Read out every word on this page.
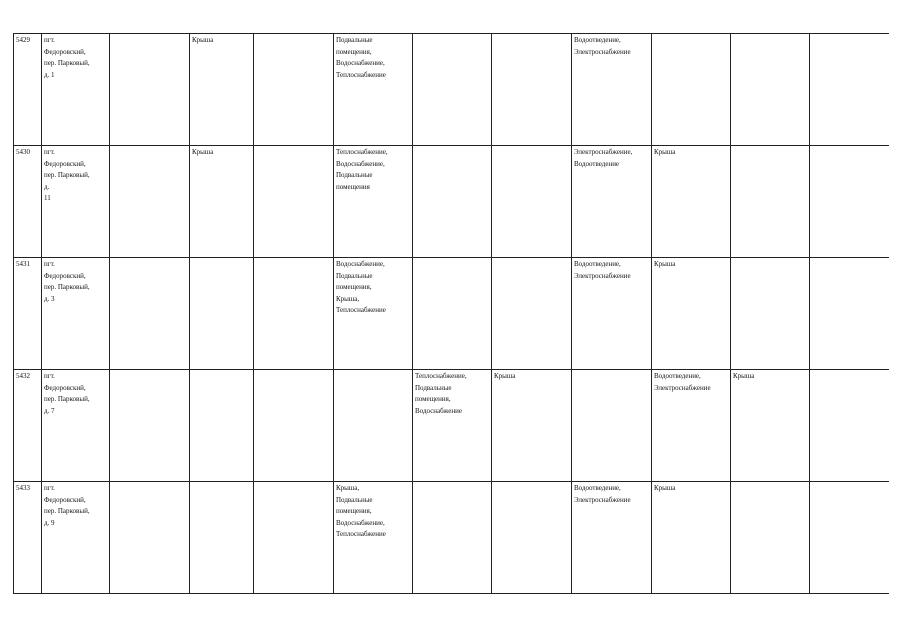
5429	пгт.
Федоровский,
пер. Парковый,
д. 1		Крыша		Подвальные
помещения,
Водоснабжение,
Теплоснабжение			Водоотведение,
Электроснабжение			
5430	пгт.
Федоровский,
пер. Парковый,
д.
11		Крыша		Теплоснабжение,
Водоснабжение,
Подвальные
помещения			Электроснабжение,
Водоотведение	Крыша		
5431	пгт.
Федоровский,
пер. Парковый,
д. 3				Водоснабжение,
Подвальные
помещения,
Крыша,
Теплоснабжение			Водоотведение,
Электроснабжение	Крыша		
5432	пгт.
Федоровский,
пер. Парковый,
д. 7					Теплоснабжение,
Подвальные
помещения,
Водоснабжение	Крыша		Водоотведение,
Электроснабжение	Крыша	
5433	пгт.
Федоровский,
пер. Парковый,
д. 9				Крыша,
Подвальные
помещения,
Водоснабжение,
Теплоснабжение			Водоотведение,
Электроснабжение	Крыша		
